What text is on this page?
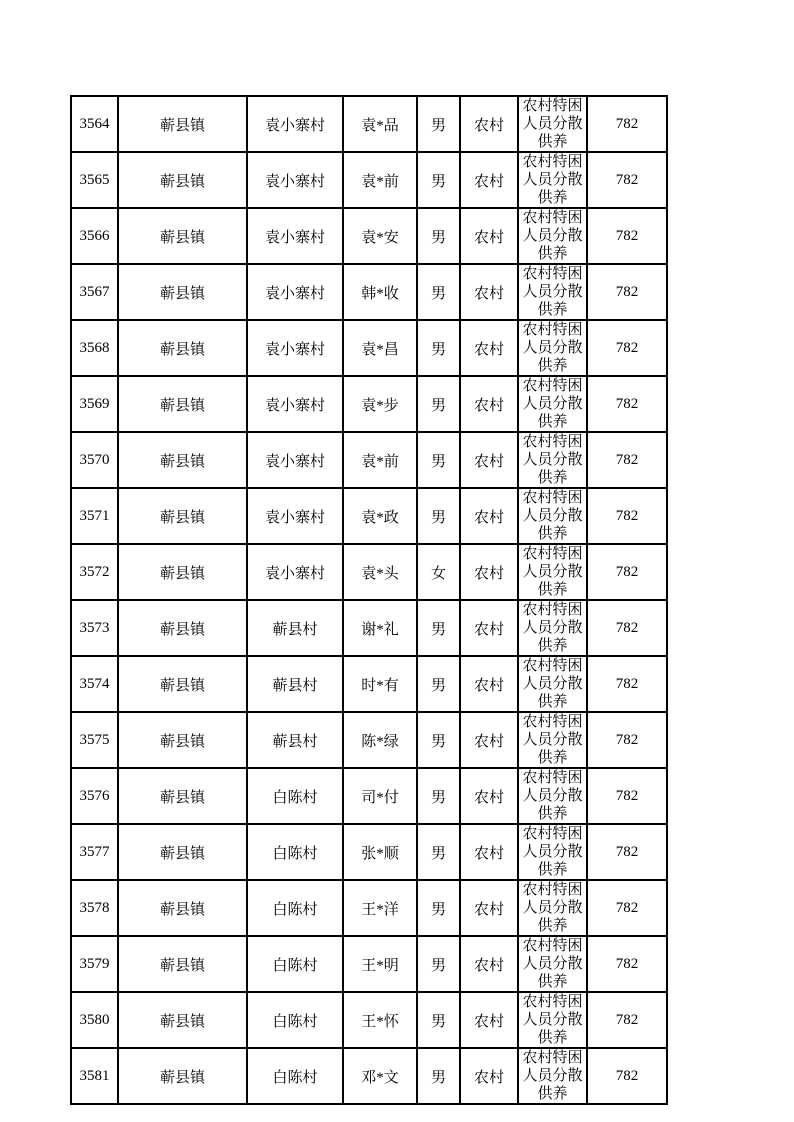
3564	蕲县镇	袁小寨村	袁*品	男	农村	农村特困人员分散供养	782
3565	蕲县镇	袁小寨村	袁*前	男	农村	农村特困人员分散供养	782
3566	蕲县镇	袁小寨村	袁*安	男	农村	农村特困人员分散供养	782
3567	蕲县镇	袁小寨村	韩*收	男	农村	农村特困人员分散供养	782
3568	蕲县镇	袁小寨村	袁*昌	男	农村	农村特困人员分散供养	782
3569	蕲县镇	袁小寨村	袁*步	男	农村	农村特困人员分散供养	782
3570	蕲县镇	袁小寨村	袁*前	男	农村	农村特困人员分散供养	782
3571	蕲县镇	袁小寨村	袁*政	男	农村	农村特困人员分散供养	782
3572	蕲县镇	袁小寨村	袁*头	女	农村	农村特困人员分散供养	782
3573	蕲县镇	蕲县村	谢*礼	男	农村	农村特困人员分散供养	782
3574	蕲县镇	蕲县村	时*有	男	农村	农村特困人员分散供养	782
3575	蕲县镇	蕲县村	陈*绿	男	农村	农村特困人员分散供养	782
3576	蕲县镇	白陈村	司*付	男	农村	农村特困人员分散供养	782
3577	蕲县镇	白陈村	张*顺	男	农村	农村特困人员分散供养	782
3578	蕲县镇	白陈村	王*洋	男	农村	农村特困人员分散供养	782
3579	蕲县镇	白陈村	王*明	男	农村	农村特困人员分散供养	782
3580	蕲县镇	白陈村	王*怀	男	农村	农村特困人员分散供养	782
3581	蕲县镇	白陈村	邓*文	男	农村	农村特困人员分散供养	782
